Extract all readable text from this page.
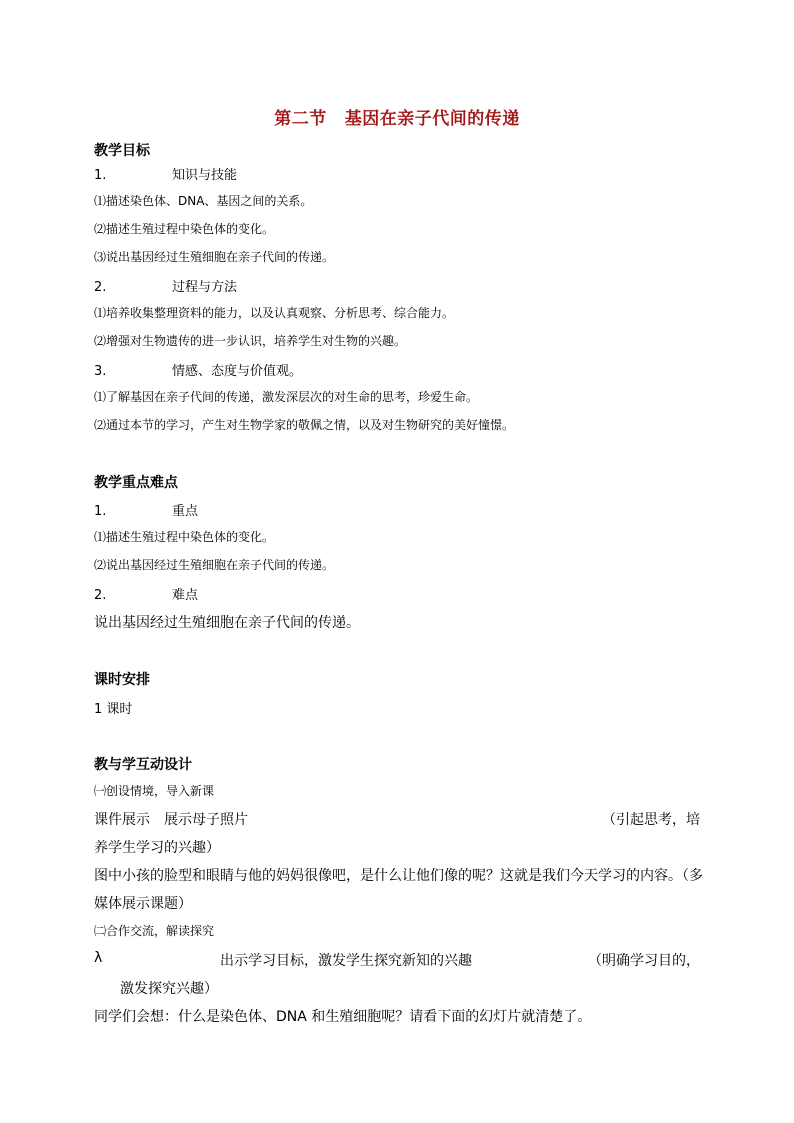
第二节 基因在亲子代间的传递
教学目标
1.	知识与技能
⑴描述染色体、DNA、基因之间的关系。
⑵描述生殖过程中染色体的变化。
⑶说出基因经过生殖细胞在亲子代间的传递。
2.	过程与方法
⑴培养收集整理资料的能力，以及认真观察、分析思考、综合能力。
⑵增强对生物遗传的进一步认识，培养学生对生物的兴趣。
3.	情感、态度与价值观。
⑴了解基因在亲子代间的传递，激发深层次的对生命的思考，珍爱生命。
⑵通过本节的学习，产生对生物学家的敬佩之情，以及对生物研究的美好憧憬。
教学重点难点
1.	重点
⑴描述生殖过程中染色体的变化。
⑵说出基因经过生殖细胞在亲子代间的传递。
2.	难点
说出基因经过生殖细胞在亲子代间的传递。
课时安排
1 课时
教与学互动设计
㈠创设情境，导入新课
课件展示 展示母子照片	（引起思考，培
养学生学习的兴趣）
图中小孩的脸型和眼睛与他的妈妈很像吧，是什么让他们像的呢？这就是我们今天学习的内容。（多
媒体展示课题）
㈡合作交流，解读探究
λ	出示学习目标，激发学生探究新知的兴趣	（明确学习目的，
激发探究兴趣）
同学们会想：什么是染色体、DNA 和生殖细胞呢？请看下面的幻灯片就清楚了。
